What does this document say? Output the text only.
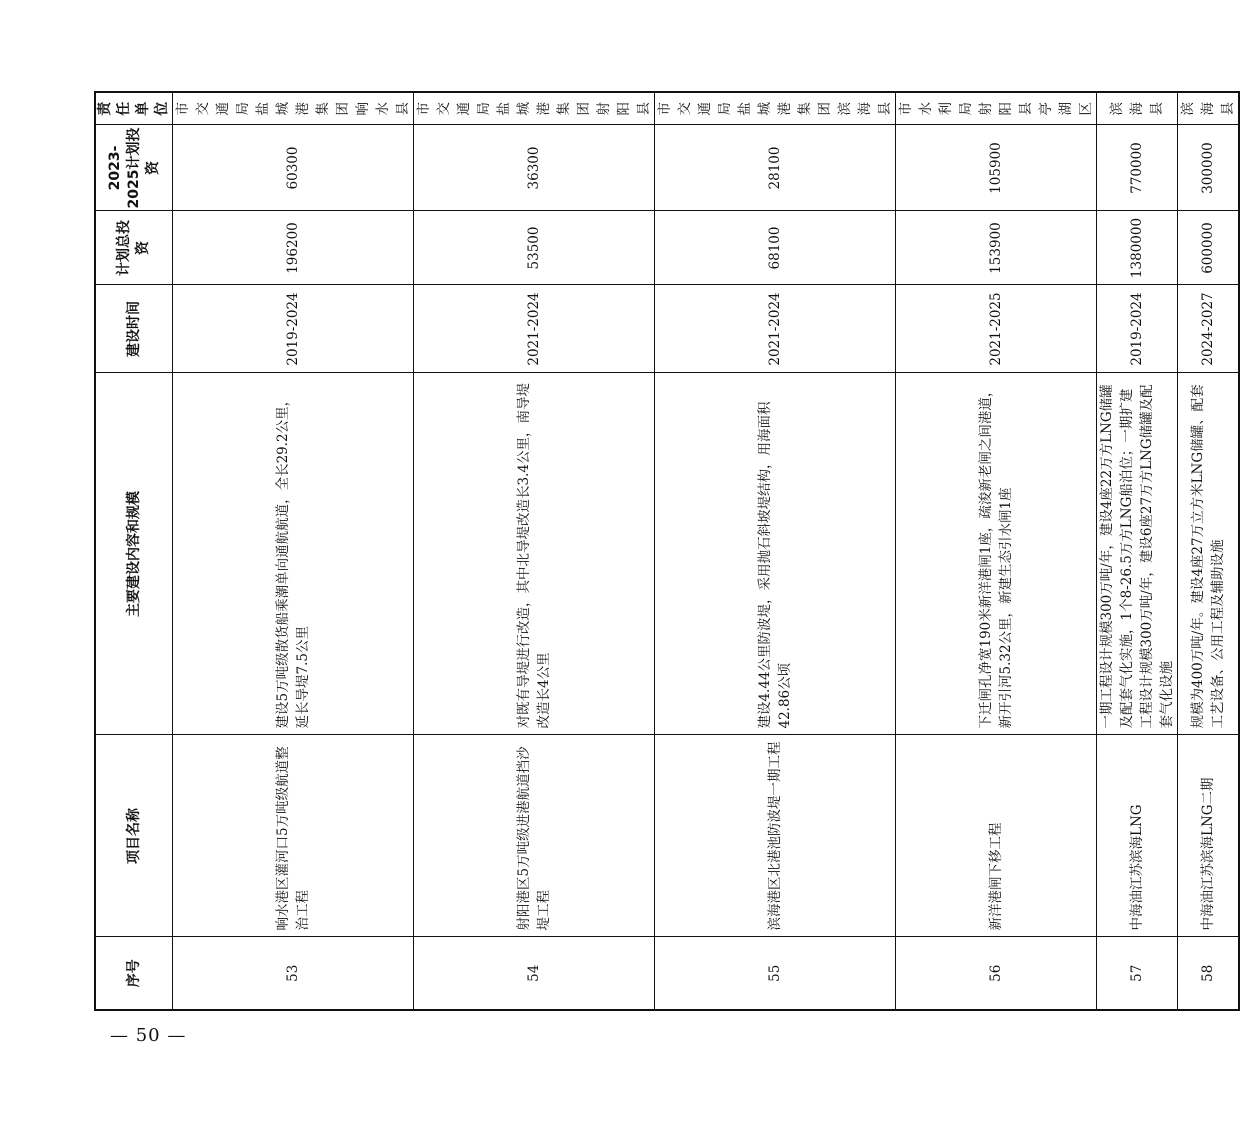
序号	项目名称	主要建设内容和规模	建设时间	计划总投资	2023-2025计划投资	责任单位
53	响水港区灌河口5万吨级航道整治工程	建设5万吨级散货船乘潮单向通航航道，全长29.2公里，延长导堤7.5公里	2019-2024	196200	60300	市交通局盐城港集团响水县
54	射阳港区5万吨级进港航道挡沙堤工程	对既有导堤进行改造，其中北导堤改造长3.4公里，南导堤改造长4公里	2021-2024	53500	36300	市交通局盐城港集团射阳县
55	滨海港区北港池防波堤一期工程	建设4.44公里防波堤，采用抛石斜坡堤结构，用海面积42.86公顷	2021-2024	68100	28100	市交通局盐城港集团滨海县
56	新洋港闸下移工程	下迁闸孔净宽190米新洋港闸1座，疏浚新老闸之间港道，新开引河5.32公里，新建生态引水闸1座	2021-2025	153900	105900	市水利局射阳县亭湖区
57	中海油江苏滨海LNG	一期工程设计规模300万吨/年，建设4座22万方LNG储罐及配套气化实施，1个8-26.5万方LNG船泊位；一期扩建工程设计规模300万吨/年，建设6座27万方LNG储罐及配套气化设施	2019-2024	1380000	770000	滨海县
58	中海油江苏滨海LNG二期	规模为400万吨/年。建设4座27万立方米LNG储罐、配套工艺设备、公用工程及辅助设施	2024-2027	600000	300000	滨海县
— 50 —
